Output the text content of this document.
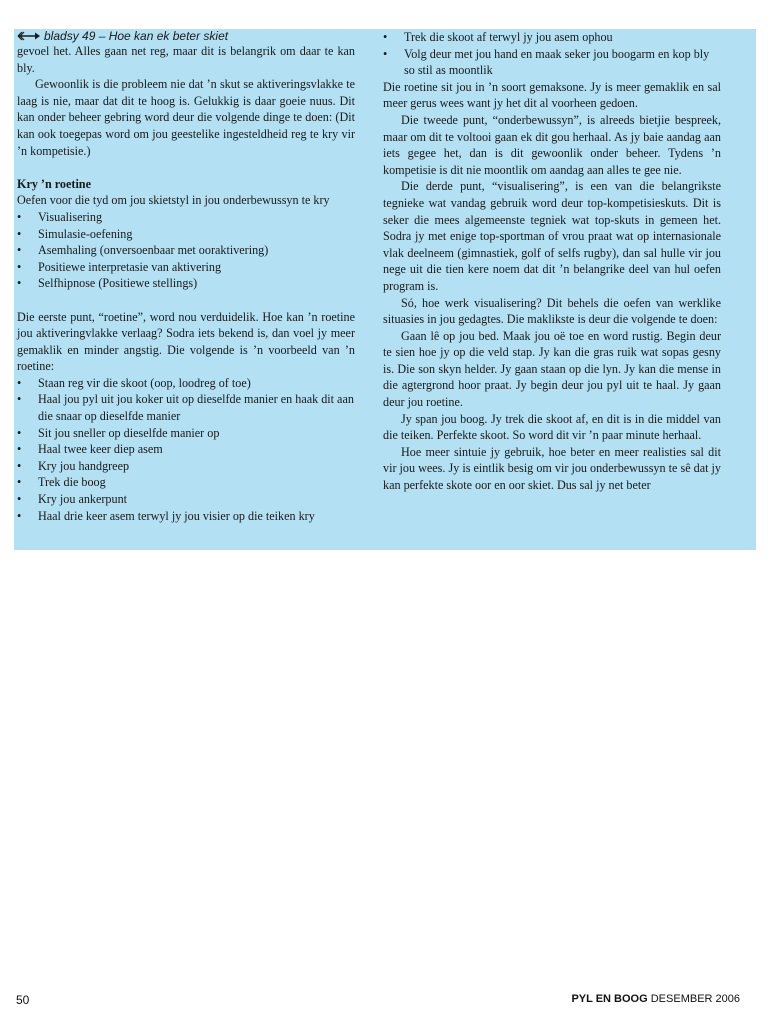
bladsy 49 – Hoe kan ek beter skiet

gevoel het. Alles gaan net reg, maar dit is belangrik om daar te kan bly.

Gewoonlik is die probleem nie dat ’n skut se aktiveringsvlakke te laag is nie, maar dat dit te hoog is. Gelukkig is daar goeie nuus. Dit kan onder beheer gebring word deur die volgende dinge te doen: (Dit kan ook toegepas word om jou geestelike ingesteldheid reg te kry vir ’n kompetisie.)

Kry ’n roetine

Oefen voor die tyd om jou skietstyl in jou onderbewussyn te kry

• Visualisering
• Simulasie-oefening
• Asemhaling (onversoenbaar met ooraktivering)
• Positiewe interpretasie van aktivering
• Selfhipnose (Positiewe stellings)

Die eerste punt, “roetine”, word nou verduidelik. Hoe kan ’n roetine jou aktiveringvlakke verlaag? Sodra iets bekend is, dan voel jy meer gemaklik en minder angstig. Die volgende is ’n voorbeeld van ’n roetine:

• Staan reg vir die skoot (oop, loodreg of toe)
• Haal jou pyl uit jou koker uit op dieselfde manier en haak dit aan die snaar op dieselfde manier
• Sit jou sneller op dieselfde manier op
• Haal twee keer diep asem
• Kry jou handgreep
• Trek die boog
• Kry jou ankerpunt
• Haal drie keer asem terwyl jy jou visier op die teiken kry
• Trek die skoot af terwyl jy jou asem ophou
• Volg deur met jou hand en maak seker jou boogarm en kop bly so stil as moontlik

Die roetine sit jou in ’n soort gemaksone. Jy is meer gemaklik en sal meer gerus wees want jy het dit al voorheen gedoen.

Die tweede punt, “onderbewussyn”, is alreeds bietjie bespreek, maar om dit te voltooi gaan ek dit gou herhaal. As jy baie aandag aan iets gegee het, dan is dit gewoonlik onder beheer. Tydens ’n kompetisie is dit nie moontlik om aandag aan alles te gee nie.

Die derde punt, “visualisering”, is een van die belangrikste tegnieke wat vandag gebruik word deur top-kompetisieskuts. Dit is seker die mees algemeenste tegniek wat top-skuts in gemeen het. Sodra jy met enige top-sportman of vrou praat wat op internasionale vlak deelneem (gimnastiek, golf of selfs rugby), dan sal hulle vir jou nege uit die tien kere noem dat dit ’n belangrike deel van hul oefen program is.

Só, hoe werk visualisering? Dit behels die oefen van werklike situasies in jou gedagtes. Die maklikste is deur die volgende te doen:

Gaan lê op jou bed. Maak jou oë toe en word rustig. Begin deur te sien hoe jy op die veld stap. Jy kan die gras ruik wat sopas gesny is. Die son skyn helder. Jy gaan staan op die lyn. Jy kan die mense in die agtergrond hoor praat. Jy begin deur jou pyl uit te haal. Jy gaan deur jou roetine.

Jy span jou boog. Jy trek die skoot af, en dit is in die middel van die teiken. Perfekte skoot. So word dit vir ’n paar minute herhaal.

Hoe meer sintuie jy gebruik, hoe beter en meer realisties sal dit vir jou wees. Jy is eintlik besig om vir jou onderbewussyn te sê dat jy kan perfekte skote oor en oor skiet. Dus sal jy net beter

50	PYL EN BOOG DESEMBER 2006
